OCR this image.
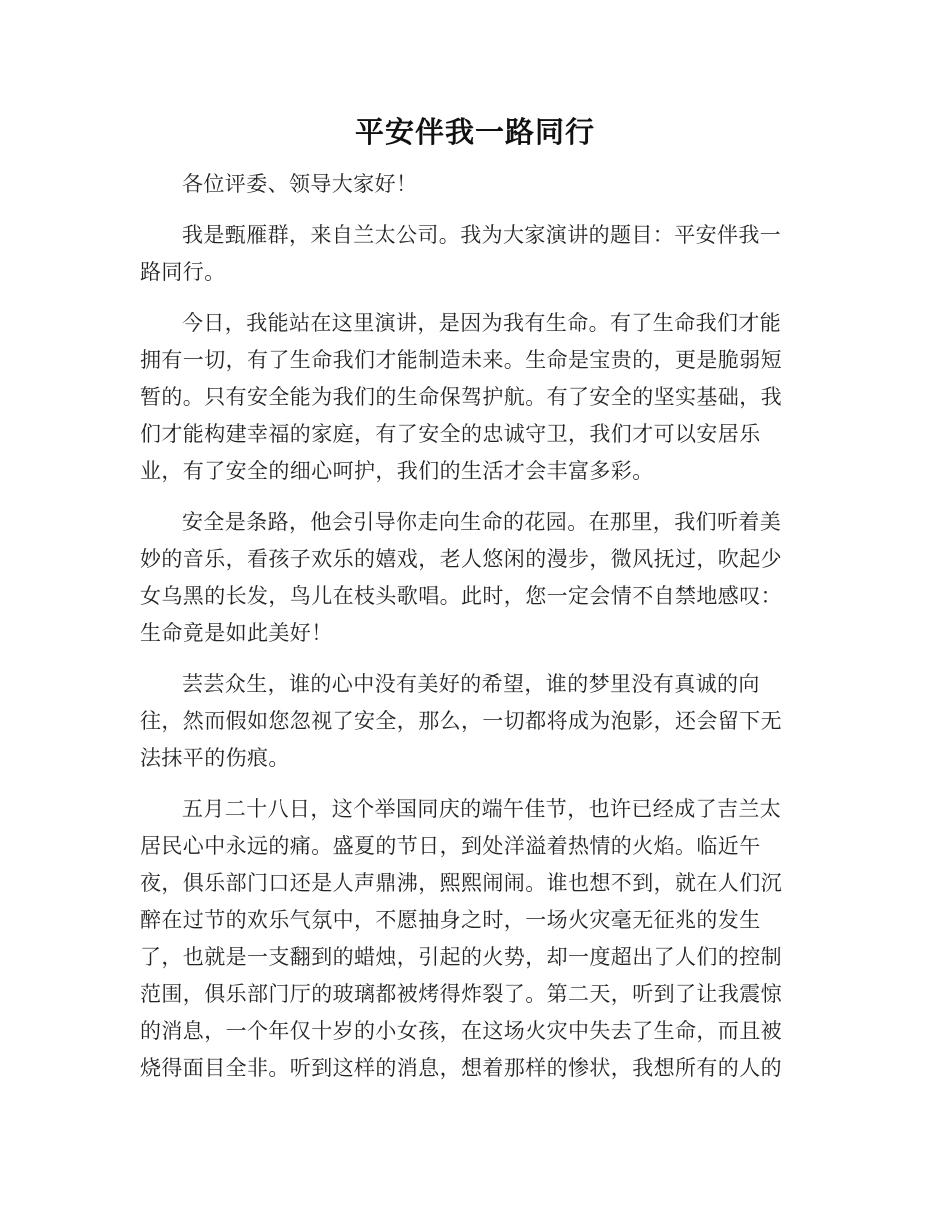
平安伴我一路同行

各位评委、领导大家好！

我是甄雁群，来自兰太公司。我为大家演讲的题目：平安伴我一路同行。

今日，我能站在这里演讲，是因为我有生命。有了生命我们才能拥有一切，有了生命我们才能制造未来。生命是宝贵的，更是脆弱短暂的。只有安全能为我们的生命保驾护航。有了安全的坚实基础，我们才能构建幸福的家庭，有了安全的忠诚守卫，我们才可以安居乐业，有了安全的细心呵护，我们的生活才会丰富多彩。

安全是条路，他会引导你走向生命的花园。在那里，我们听着美妙的音乐，看孩子欢乐的嬉戏，老人悠闲的漫步，微风抚过，吹起少女乌黑的长发，鸟儿在枝头歌唱。此时，您一定会情不自禁地感叹：生命竟是如此美好！

芸芸众生，谁的心中没有美好的希望，谁的梦里没有真诚的向往，然而假如您忽视了安全，那么，一切都将成为泡影，还会留下无法抹平的伤痕。

五月二十八日，这个举国同庆的端午佳节，也许已经成了吉兰太居民心中永远的痛。盛夏的节日，到处洋溢着热情的火焰。临近午夜，俱乐部门口还是人声鼎沸，熙熙闹闹。谁也想不到，就在人们沉醉在过节的欢乐气氛中，不愿抽身之时，一场火灾毫无征兆的发生了，也就是一支翻到的蜡烛，引起的火势，却一度超出了人们的控制范围，俱乐部门厅的玻璃都被烤得炸裂了。第二天，听到了让我震惊的消息，一个年仅十岁的小女孩，在这场火灾中失去了生命，而且被烧得面目全非。听到这样的消息，想着那样的惨状，我想所有的人的
